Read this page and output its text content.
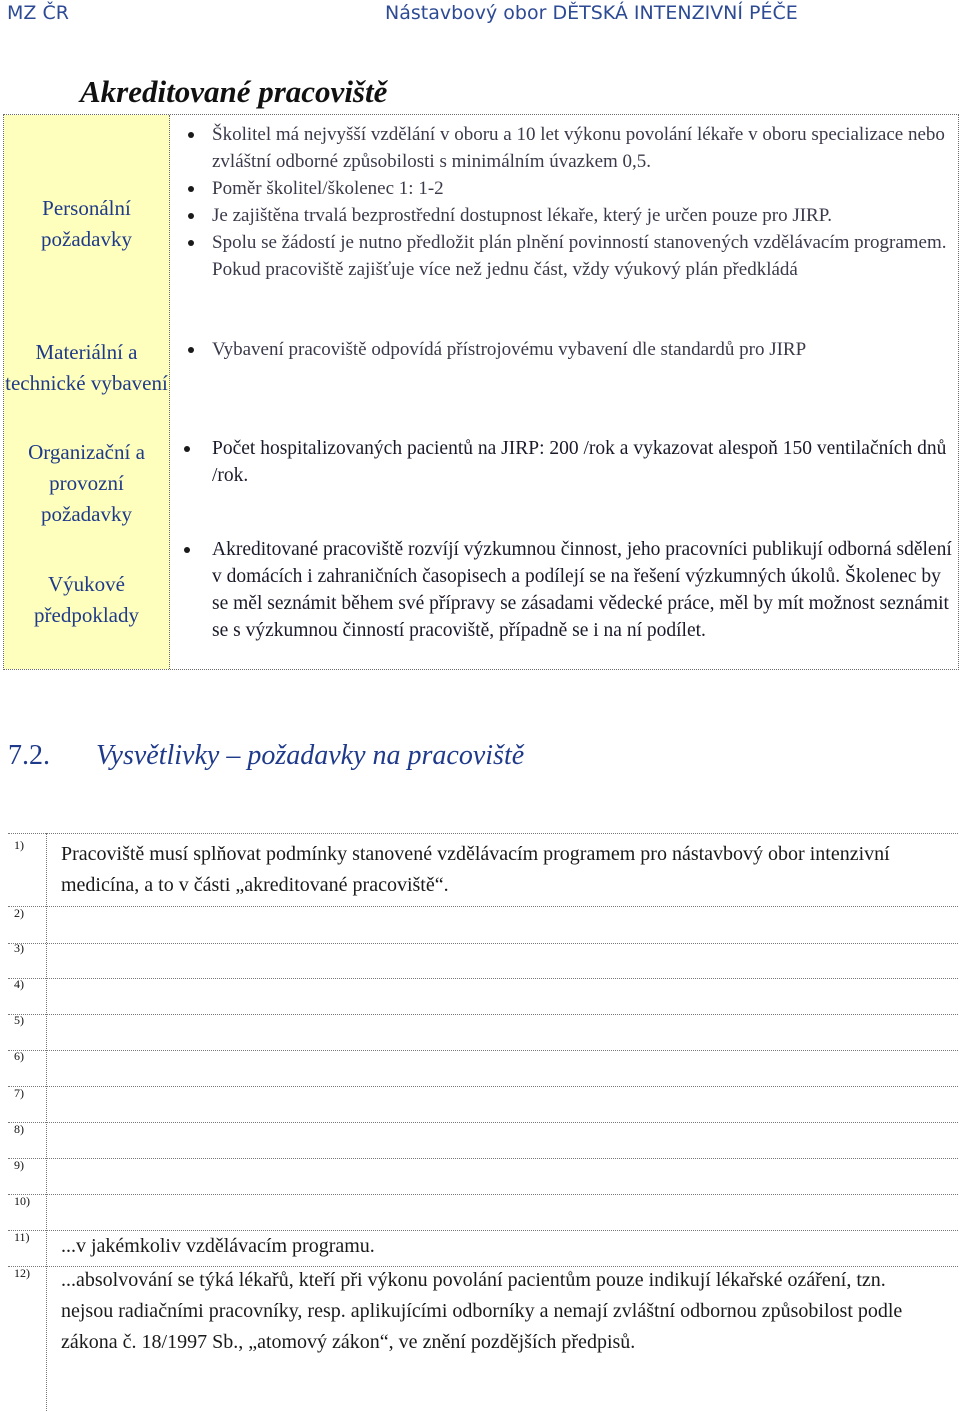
MZ ČR	Nástavbový obor DĚTSKÁ INTENZIVNÍ PÉČE
Akreditované pracoviště
Personální požadavky
Materiální a technické vybavení
Organizační a provozní požadavky
Výukové předpoklady
Školitel má nejvyšší vzdělání v oboru a 10 let výkonu povolání lékaře v oboru specializace nebo zvláštní odborné způsobilosti s minimálním úvazkem 0,5.
Poměr školitel/školenec 1: 1-2
Je zajištěna trvalá bezprostřední dostupnost lékaře, který je určen pouze pro JIRP.
Spolu se žádostí je nutno předložit plán plnění povinností stanovených vzdělávacím programem. Pokud pracoviště zajišťuje více než jednu část, vždy výukový plán předkládá
Vybavení pracoviště odpovídá přístrojovému vybavení dle standardů pro JIRP
Počet hospitalizovaných pacientů na JIRP: 200 /rok a vykazovat alespoň 150 ventilačních dnů /rok.
Akreditované pracoviště rozvíjí výzkumnou činnost, jeho pracovníci publikují odborná sdělení v domácích i zahraničních časopisech a podílejí se na řešení výzkumných úkolů. Školenec by se měl seznámit během své přípravy se zásadami vědecké práce, měl by mít možnost seznámit se s výzkumnou činností pracoviště, případně se i na ní podílet.
7.2. Vysvětlivky – požadavky na pracoviště
1)
2)
3)
4)
5)
6)
7)
8)
9)
10)
11)
12)
Pracoviště musí splňovat podmínky stanovené vzdělávacím programem pro nástavbový obor intenzivní medicína, a to v části „akreditované pracoviště“.
...v jakémkoliv vzdělávacím programu.
...absolvování se týká lékařů, kteří při výkonu povolání pacientům pouze indikují lékařské ozáření, tzn. nejsou radiačními pracovníky, resp. aplikujícími odborníky a nemají zvláštní odbornou způsobilost podle zákona č. 18/1997 Sb., „atomový zákon“, ve znění pozdějších předpisů.
